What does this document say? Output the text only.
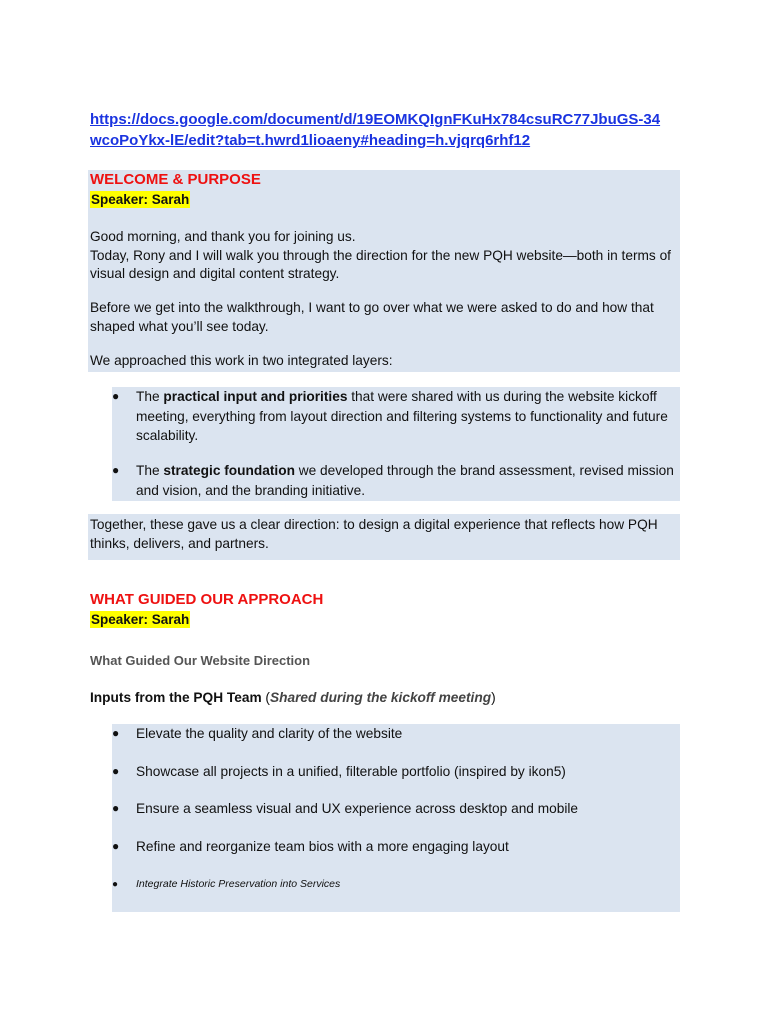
https://docs.google.com/document/d/19EOMKQIgnFKuHx784csuRC77JbuGS-34wcoPoYkx-lE/edit?tab=t.hwrd1lioaeny#heading=h.vjqrq6rhf12
WELCOME & PURPOSE
Speaker: Sarah
Good morning, and thank you for joining us.
Today, Rony and I will walk you through the direction for the new PQH website—both in terms of visual design and digital content strategy.
Before we get into the walkthrough, I want to go over what we were asked to do and how that shaped what you’ll see today.
We approached this work in two integrated layers:
●	The practical input and priorities that were shared with us during the website kickoff meeting, everything from layout direction and filtering systems to functionality and future scalability.
●	The strategic foundation we developed through the brand assessment, revised mission and vision, and the branding initiative.
Together, these gave us a clear direction: to design a digital experience that reflects how PQH thinks, delivers, and partners.
WHAT GUIDED OUR APPROACH
Speaker: Sarah
What Guided Our Website Direction
Inputs from the PQH Team (Shared during the kickoff meeting)
●	Elevate the quality and clarity of the website
●	Showcase all projects in a unified, filterable portfolio (inspired by ikon5)
●	Ensure a seamless visual and UX experience across desktop and mobile
●	Refine and reorganize team bios with a more engaging layout
●	Integrate Historic Preservation into Services
